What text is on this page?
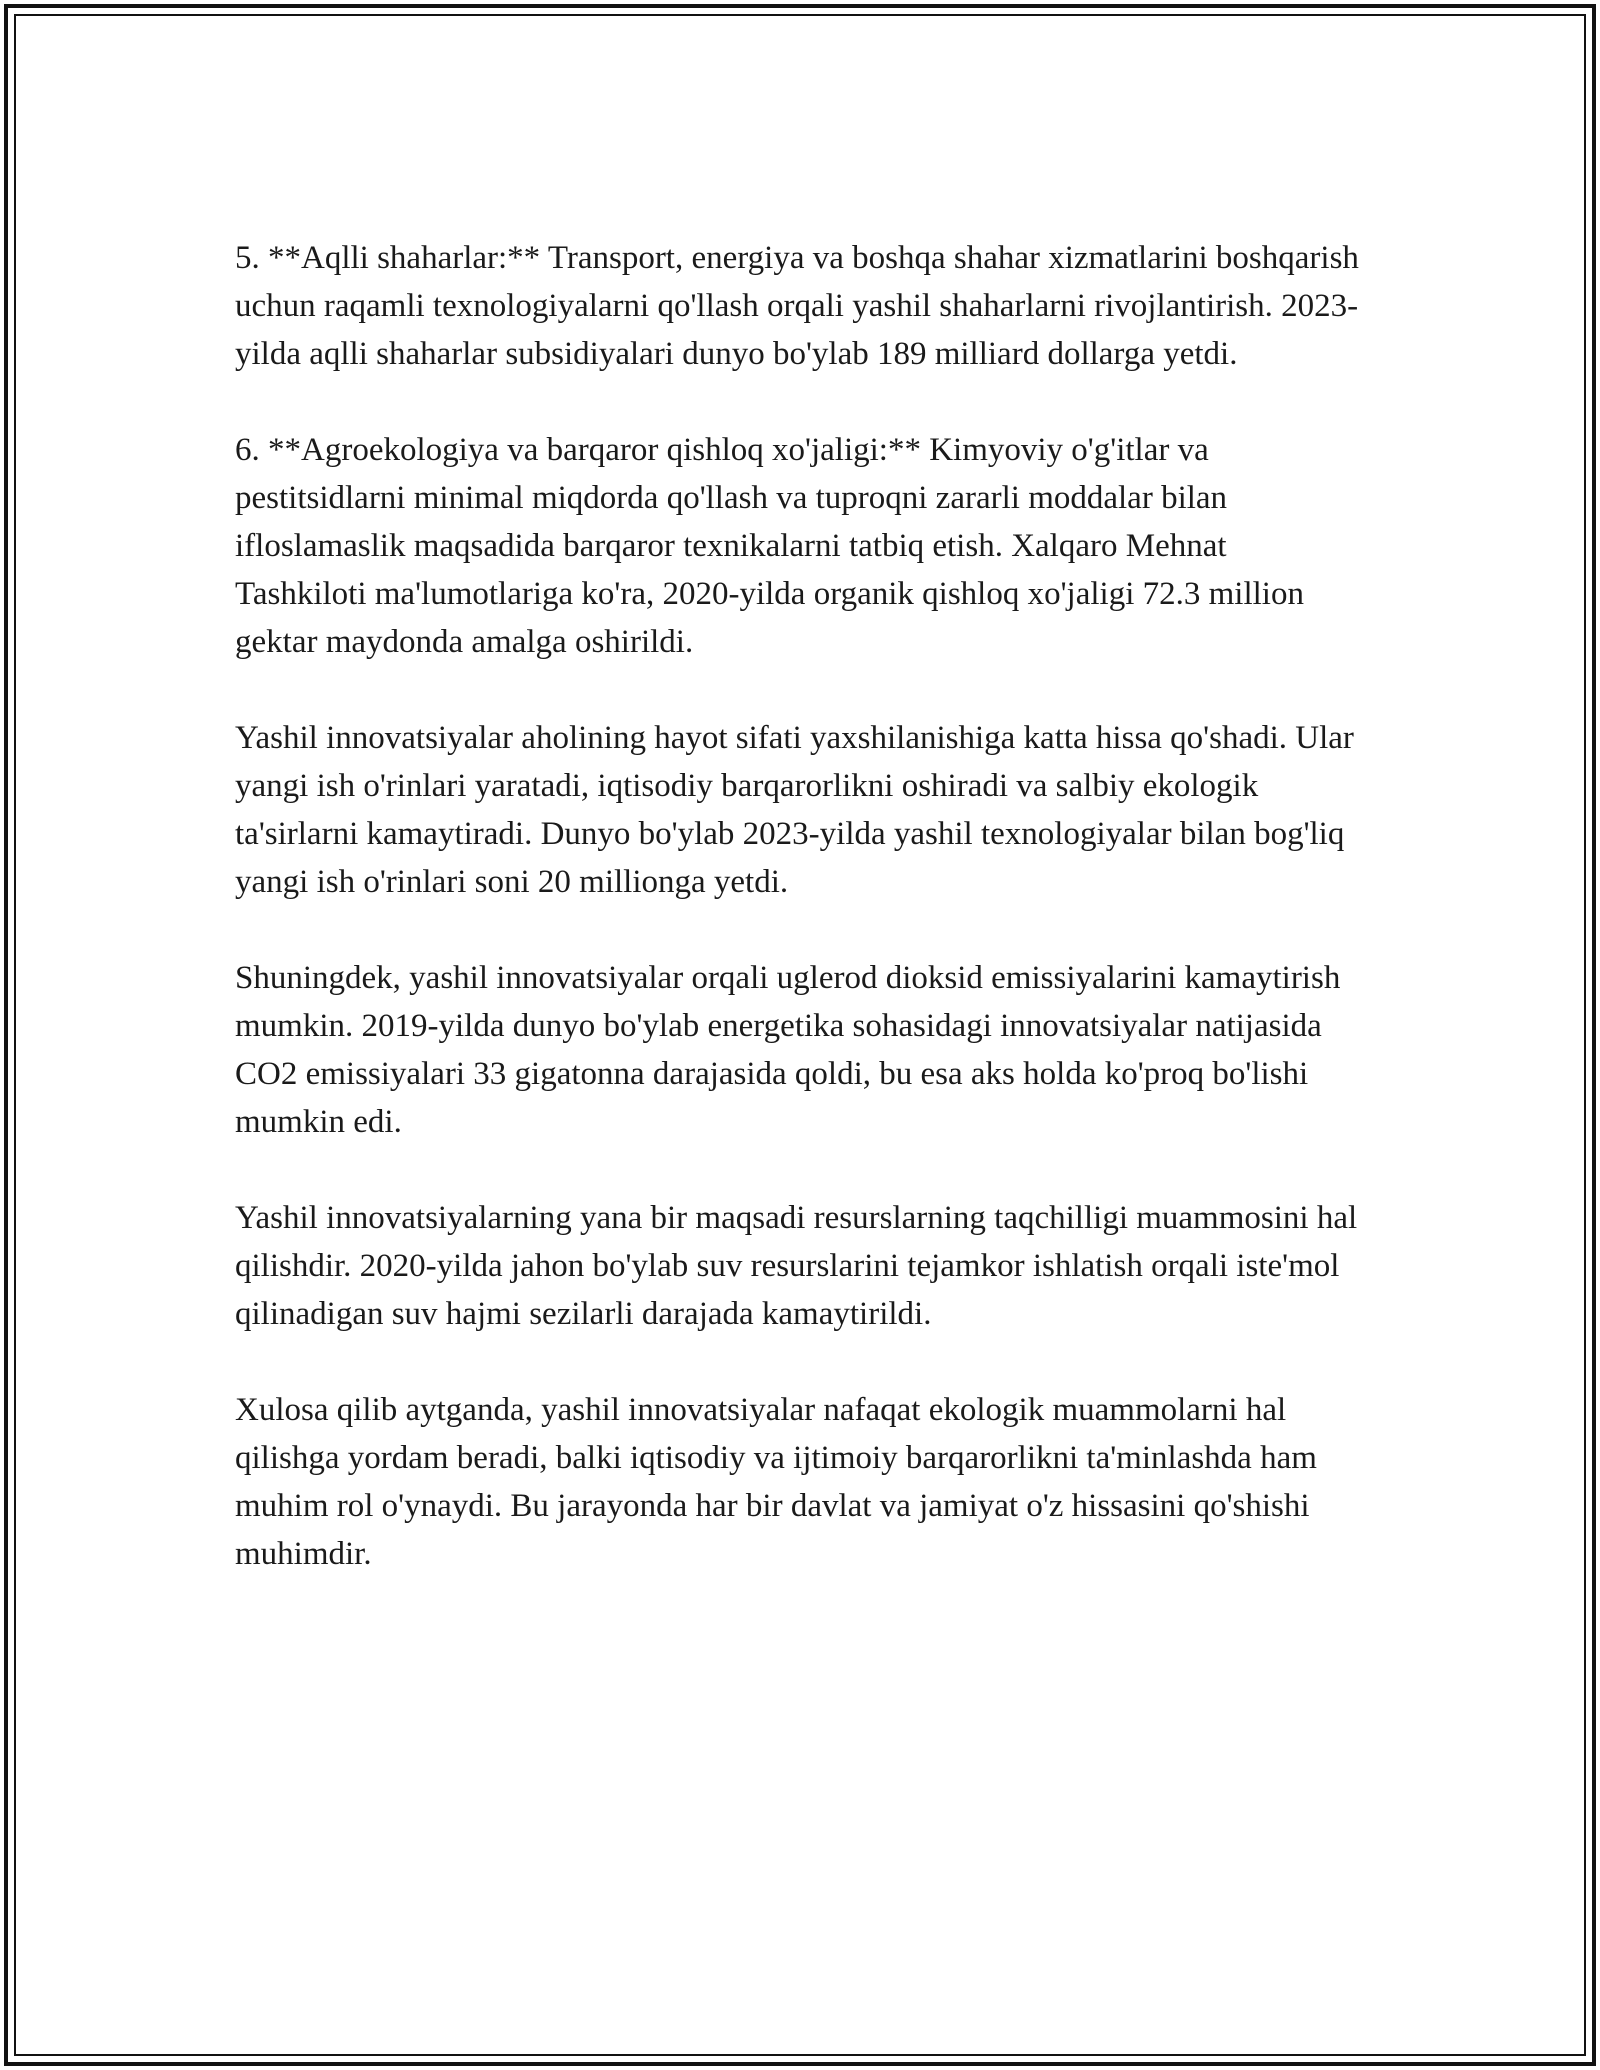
5. **Aqlli shaharlar:** Transport, energiya va boshqa shahar xizmatlarini boshqarish uchun raqamli texnologiyalarni qo'llash orqali yashil shaharlarni rivojlantirish. 2023-yilda aqlli shaharlar subsidiyalari dunyo bo'ylab 189 milliard dollarga yetdi.

6. **Agroekologiya va barqaror qishloq xo'jaligi:** Kimyoviy o'g'itlar va pestitsidlarni minimal miqdorda qo'llash va tuproqni zararli moddalar bilan ifloslamaslik maqsadida barqaror texnikalarni tatbiq etish. Xalqaro Mehnat Tashkiloti ma'lumotlariga ko'ra, 2020-yilda organik qishloq xo'jaligi 72.3 million gektar maydonda amalga oshirildi.

Yashil innovatsiyalar aholining hayot sifati yaxshilanishiga katta hissa qo'shadi. Ular yangi ish o'rinlari yaratadi, iqtisodiy barqarorlikni oshiradi va salbiy ekologik ta'sirlarni kamaytiradi. Dunyo bo'ylab 2023-yilda yashil texnologiyalar bilan bog'liq yangi ish o'rinlari soni 20 millionga yetdi.

Shuningdek, yashil innovatsiyalar orqali uglerod dioksid emissiyalarini kamaytirish mumkin. 2019-yilda dunyo bo'ylab energetika sohasidagi innovatsiyalar natijasida CO2 emissiyalari 33 gigatonna darajasida qoldi, bu esa aks holda ko'proq bo'lishi mumkin edi.

Yashil innovatsiyalarning yana bir maqsadi resurslarning taqchilligi muammosini hal qilishdir. 2020-yilda jahon bo'ylab suv resurslarini tejamkor ishlatish orqali iste'mol qilinadigan suv hajmi sezilarli darajada kamaytirildi.

Xulosa qilib aytganda, yashil innovatsiyalar nafaqat ekologik muammolarni hal qilishga yordam beradi, balki iqtisodiy va ijtimoiy barqarorlikni ta'minlashda ham muhim rol o'ynaydi. Bu jarayonda har bir davlat va jamiyat o'z hissasini qo'shishi muhimdir.
